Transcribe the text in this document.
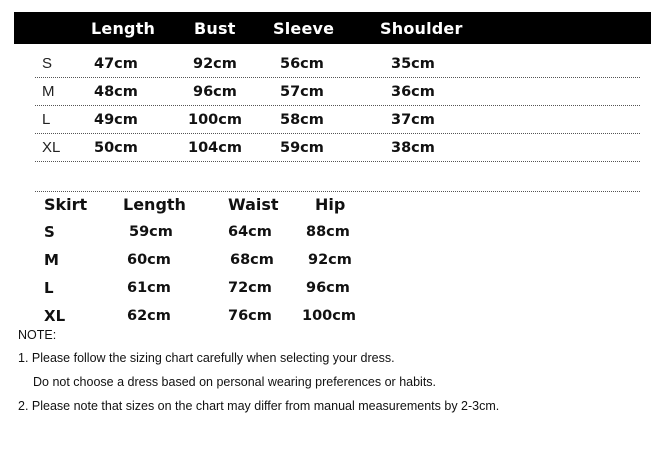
Length Bust Sleeve	Shoulder
S	47cm	92cm	56cm	35cm
M	48cm	96cm	57cm	36cm
L	49cm	100cm	58cm	37cm
XL 50cm	104cm	59cm	38cm
Skirt Length	Waist Hip
S	59cm	64cm 88cm
M	60cm	68cm 92cm
L	61cm	72cm 96cm
XL	62cm	76cm 100cm
NOTE:
1. Please follow the sizing chart carefully when selecting your dress.
Do not choose a dress based on personal wearing preferences or habits.
2. Please note that sizes on the chart may differ from manual measurements by 2-3cm.
